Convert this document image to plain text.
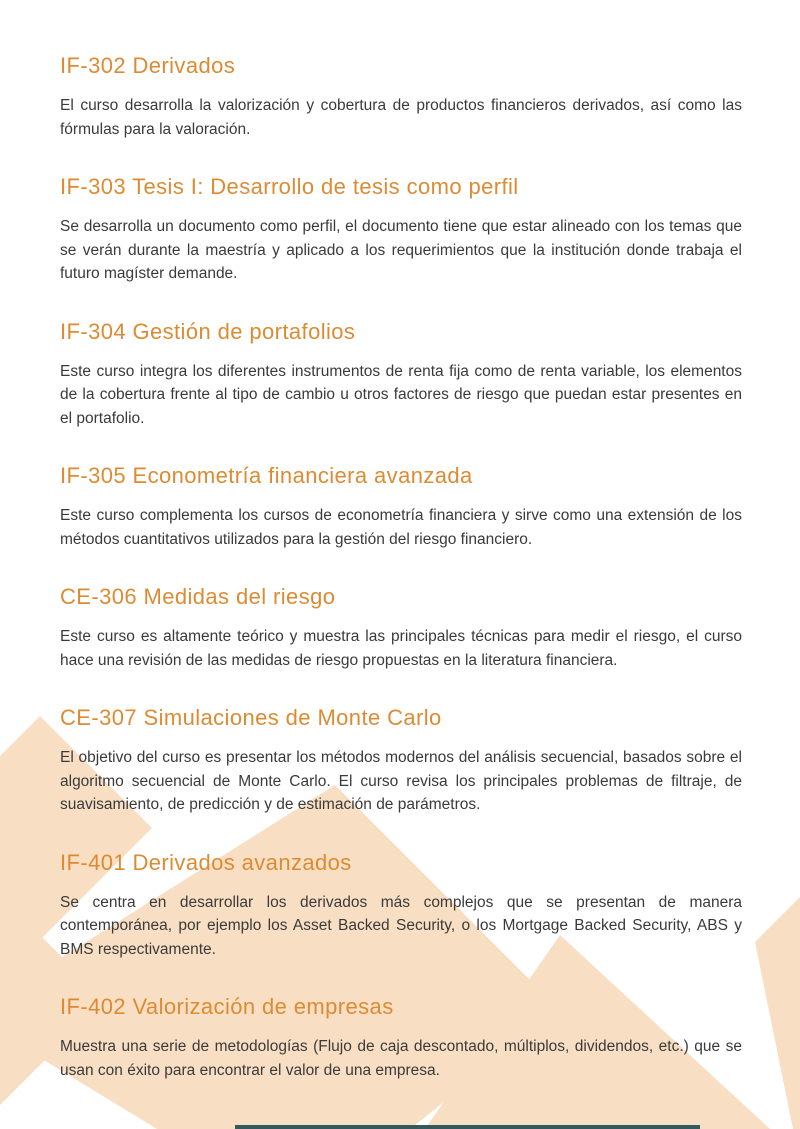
IF-302 Derivados

El curso desarrolla la valorización y cobertura de productos financieros derivados, así como las fórmulas para la valoración.

IF-303 Tesis I: Desarrollo de tesis como perfil

Se desarrolla un documento como perfil, el documento tiene que estar alineado con los temas que se verán durante la maestría y aplicado a los requerimientos que la institución donde trabaja el futuro magíster demande.

IF-304 Gestión de portafolios

Este curso integra los diferentes instrumentos de renta fija como de renta variable, los elementos de la cobertura frente al tipo de cambio u otros factores de riesgo que puedan estar presentes en el portafolio.

IF-305 Econometría financiera avanzada

Este curso complementa los cursos de econometría financiera y sirve como una extensión de los métodos cuantitativos utilizados para la gestión del riesgo financiero.

CE-306 Medidas del riesgo

Este curso es altamente teórico y muestra las principales técnicas para medir el riesgo, el curso hace una revisión de las medidas de riesgo propuestas en la literatura financiera.

CE-307 Simulaciones de Monte Carlo

El objetivo del curso es presentar los métodos modernos del análisis secuencial, basados sobre el algoritmo secuencial de Monte Carlo. El curso revisa los principales problemas de filtraje, de suavisamiento, de predicción y de estimación de parámetros.

IF-401 Derivados avanzados

Se centra en desarrollar los derivados más complejos que se presentan de manera contemporánea, por ejemplo los Asset Backed Security, o los Mortgage Backed Security, ABS y BMS respectivamente.

IF-402 Valorización de empresas

Muestra una serie de metodologías (Flujo de caja descontado, múltiplos, dividendos, etc.) que se usan con éxito para encontrar el valor de una empresa.
